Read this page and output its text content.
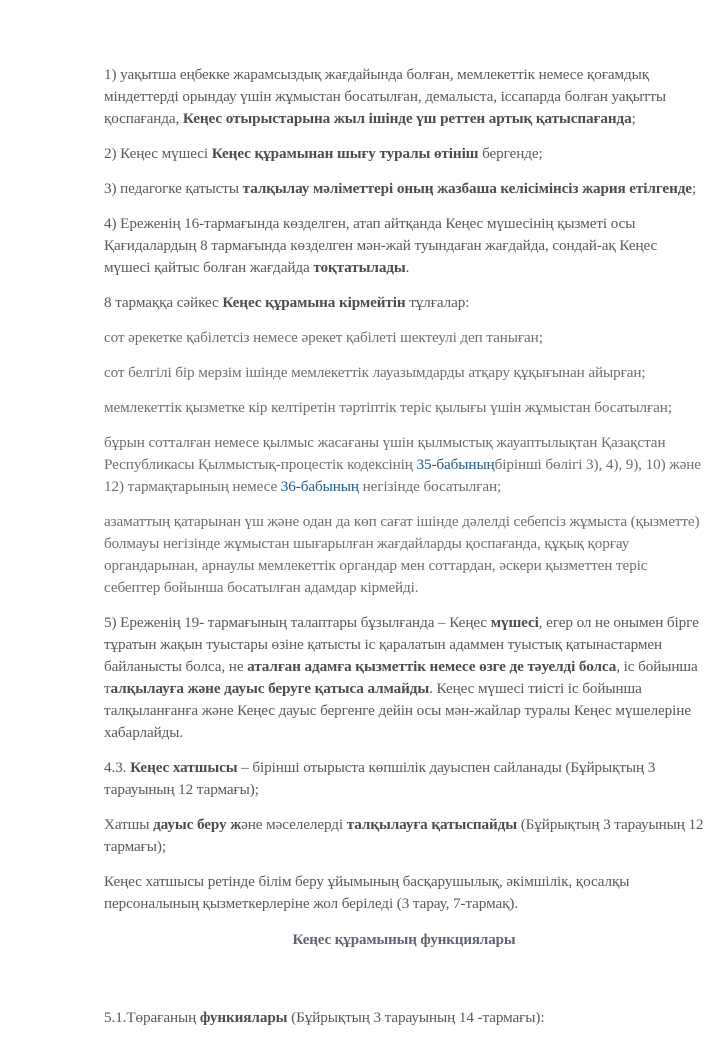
1) уақытша еңбекке жарамсыздық жағдайында болған, мемлекеттік немесе қоғамдық міндеттерді орындау үшін жұмыстан босатылған, демалыста, іссапарда болған уақытты қоспағанда, Кеңес отырыстарына жыл ішінде үш реттен артық қатыспағанда;

2) Кеңес мүшесі Кеңес құрамынан шығу туралы өтініш бергенде;

3) педагогке қатысты талқылау мәліметтері оның жазбаша келісімінсіз жария етілгенде;

4) Ереженің 16-тармағында көзделген, атап айтқанда Кеңес мүшесінің қызметі осы Қағидалардың 8 тармағында көзделген мән-жай туындаған жағдайда, сондай-ақ Кеңес мүшесі қайтыс болған жағдайда тоқтатылады.

8 тармаққа сәйкес Кеңес құрамына кірмейтін тұлғалар:

сот әрекетке қабілетсіз немесе әрекет қабілеті шектеулі деп таныған;

сот белгілі бір мерзім ішінде мемлекеттік лауазымдарды атқару құқығынан айырған;

мемлекеттік қызметке кір келтіретін тәртіптік теріс қылығы үшін жұмыстан босатылған;

бұрын сотталған немесе қылмыс жасағаны үшін қылмыстық жауаптылықтан Қазақстан Республикасы Қылмыстық-процестік кодексінің 35-бабыныңбірінші бөлігі 3), 4), 9), 10) және 12) тармақтарының немесе 36-бабының негізінде босатылған;

азаматтың қатарынан үш және одан да көп сағат ішінде дәлелді себепсіз жұмыста (қызметте) болмауы негізінде жұмыстан шығарылған жағдайларды қоспағанда, құқық қорғау органдарынан, арнаулы мемлекеттік органдар мен соттардан, әскери қызметтен теріс себептер бойынша босатылған адамдар кірмейді.

5) Ереженің 19- тармағының талаптары бұзылғанда – Кеңес мүшесі, егер ол не онымен бірге тұратын жақын туыстары өзіне қатысты іс қаралатын адаммен туыстық қатынастармен байланысты болса, не аталған адамға қызметтік немесе өзге де тәуелді болса, іс бойынша талқылауға және дауыс беруге қатыса алмайды. Кеңес мүшесі тиісті іс бойынша талқыланғанға және Кеңес дауыс бергенге дейін осы мән-жайлар туралы Кеңес мүшелеріне хабарлайды.

4.3. Кеңес хатшысы – бірінші отырыста көпшілік дауыспен сайланады (Бұйрықтың 3 тарауының 12 тармағы);

Хатшы дауыс беру және мәселелерді талқылауға қатыспайды (Бұйрықтың 3 тарауының 12 тармағы);

Кеңес хатшысы ретінде білім беру ұйымының басқарушылық, әкімшілік, қосалқы персоналының қызметкерлеріне жол беріледі (3 тарау, 7-тармақ).

Кеңес құрамының функциялары

5.1.Төрағаның функиялары (Бұйрықтың 3 тарауының 14 -тармағы):
